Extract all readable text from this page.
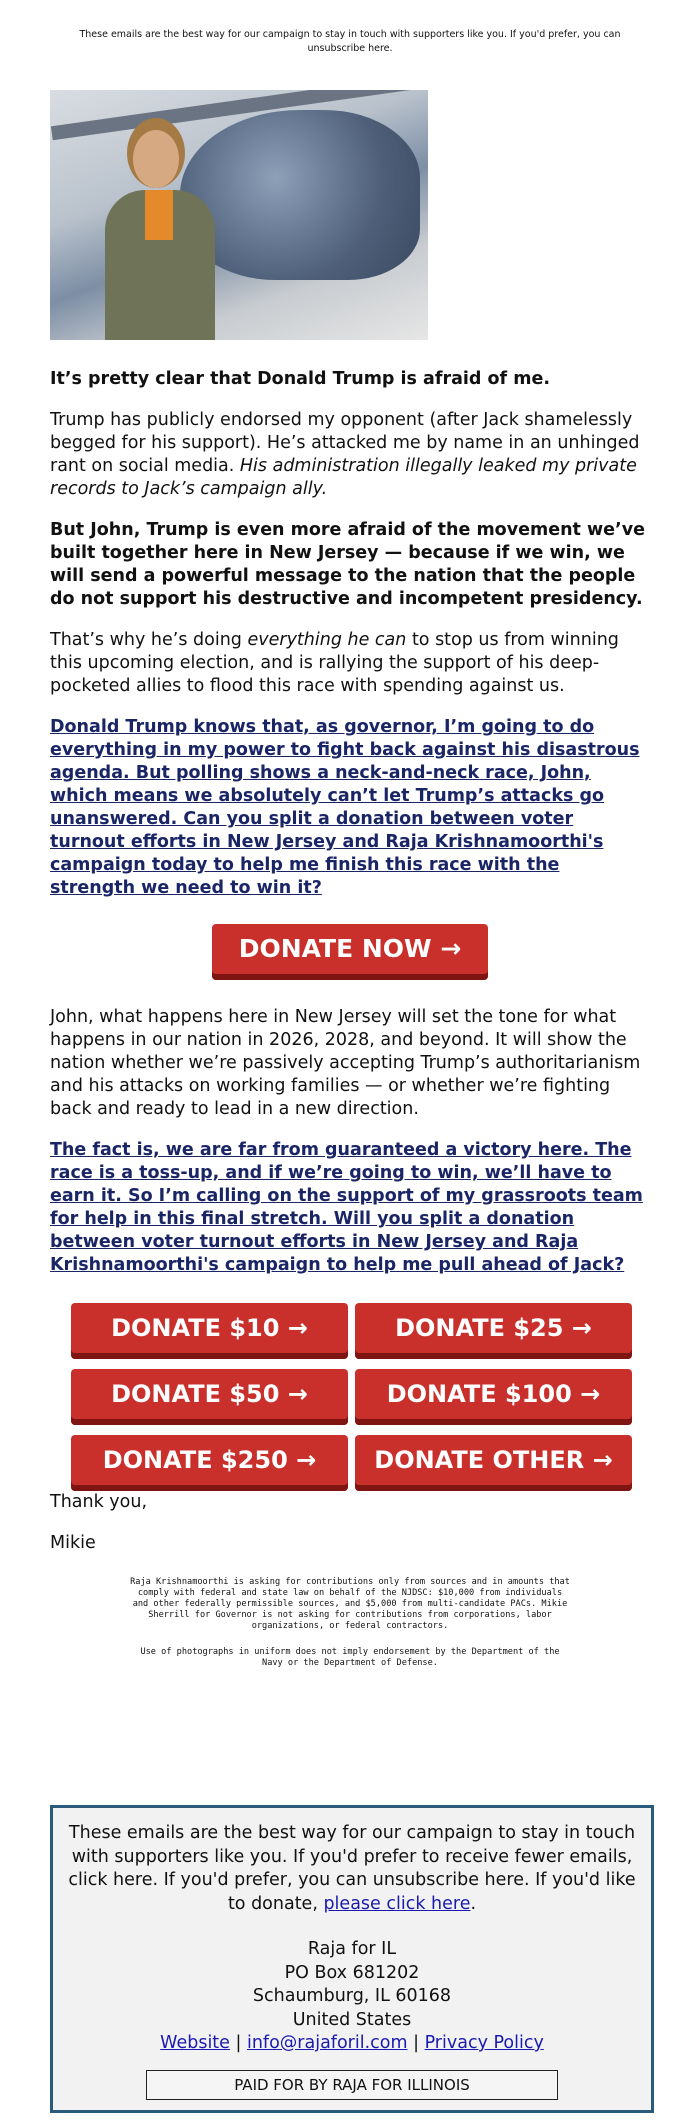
These emails are the best way for our campaign to stay in touch with supporters like you. If you'd prefer, you can unsubscribe here.

It’s pretty clear that Donald Trump is afraid of me.

Trump has publicly endorsed my opponent (after Jack shamelessly begged for his support). He’s attacked me by name in an unhinged rant on social media. His administration illegally leaked my private records to Jack’s campaign ally.

But John, Trump is even more afraid of the movement we’ve built together here in New Jersey — because if we win, we will send a powerful message to the nation that the people do not support his destructive and incompetent presidency.

That’s why he’s doing everything he can to stop us from winning this upcoming election, and is rallying the support of his deep-pocketed allies to flood this race with spending against us.

Donald Trump knows that, as governor, I’m going to do everything in my power to fight back against his disastrous agenda. But polling shows a neck-and-neck race, John, which means we absolutely can’t let Trump’s attacks go unanswered. Can you split a donation between voter turnout efforts in New Jersey and Raja Krishnamoorthi's campaign today to help me finish this race with the strength we need to win it?

DONATE NOW →

John, what happens here in New Jersey will set the tone for what happens in our nation in 2026, 2028, and beyond. It will show the nation whether we’re passively accepting Trump’s authoritarianism and his attacks on working families — or whether we’re fighting back and ready to lead in a new direction.

The fact is, we are far from guaranteed a victory here. The race is a toss-up, and if we’re going to win, we’ll have to earn it. So I’m calling on the support of my grassroots team for help in this final stretch. Will you split a donation between voter turnout efforts in New Jersey and Raja Krishnamoorthi's campaign to help me pull ahead of Jack?

DONATE $10 →	DONATE $25 →
DONATE $50 →	DONATE $100 →
DONATE $250 →	DONATE OTHER →

Thank you,

Mikie

Raja Krishnamoorthi is asking for contributions only from sources and in amounts that comply with federal and state law on behalf of the NJDSC: $10,000 from individuals and other federally permissible sources, and $5,000 from multi-candidate PACs. Mikie Sherrill for Governor is not asking for contributions from corporations, labor organizations, or federal contractors.

Use of photographs in uniform does not imply endorsement by the Department of the Navy or the Department of Defense.

These emails are the best way for our campaign to stay in touch with supporters like you. If you'd prefer to receive fewer emails, click here. If you'd prefer, you can unsubscribe here. If you'd like to donate, please click here.
Raja for IL
PO Box 681202
Schaumburg, IL 60168
United States
Website | info@rajaforil.com | Privacy Policy
PAID FOR BY RAJA FOR ILLINOIS
